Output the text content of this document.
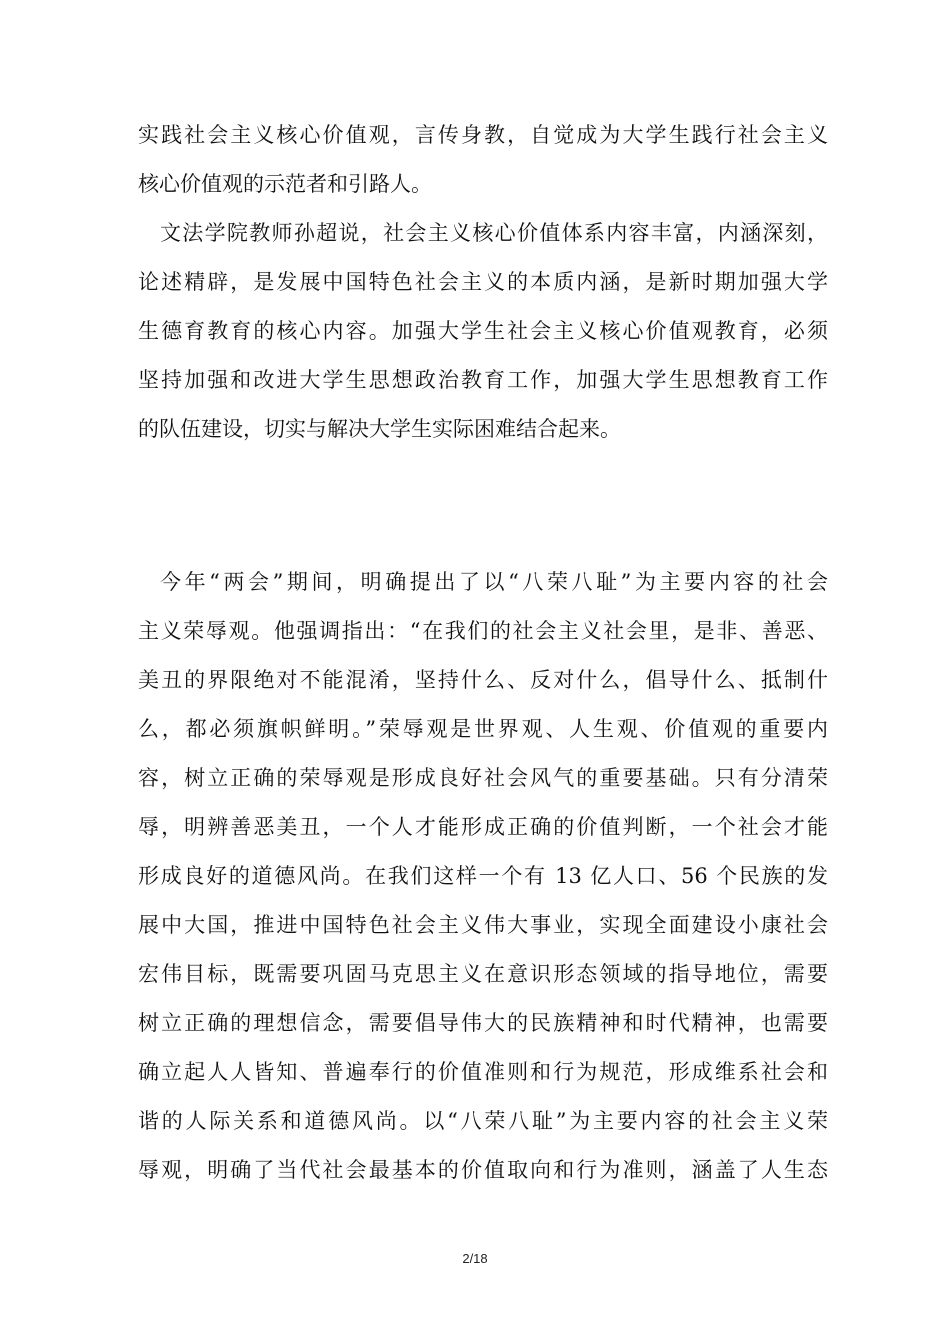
实践社会主义核心价值观，言传身教，自觉成为大学生践行社会主义
核心价值观的示范者和引路人。
文法学院教师孙超说，社会主义核心价值体系内容丰富，内涵深刻，
论述精辟，是发展中国特色社会主义的本质内涵，是新时期加强大学
生德育教育的核心内容。加强大学生社会主义核心价值观教育，必须
坚持加强和改进大学生思想政治教育工作，加强大学生思想教育工作
的队伍建设，切实与解决大学生实际困难结合起来。
今年“两会”期间，明确提出了以“八荣八耻”为主要内容的社会
主义荣辱观。他强调指出：“在我们的社会主义社会里，是非、善恶、
美丑的界限绝对不能混淆，坚持什么、反对什么，倡导什么、抵制什
么，都必须旗帜鲜明。”荣辱观是世界观、人生观、价值观的重要内
容，树立正确的荣辱观是形成良好社会风气的重要基础。只有分清荣
辱，明辨善恶美丑，一个人才能形成正确的价值判断，一个社会才能
形成良好的道德风尚。在我们这样一个有 13 亿人口、56 个民族的发
展中大国，推进中国特色社会主义伟大事业，实现全面建设小康社会
宏伟目标，既需要巩固马克思主义在意识形态领域的指导地位，需要
树立正确的理想信念，需要倡导伟大的民族精神和时代精神，也需要
确立起人人皆知、普遍奉行的价值准则和行为规范，形成维系社会和
谐的人际关系和道德风尚。以“八荣八耻”为主要内容的社会主义荣
辱观，明确了当代社会最基本的价值取向和行为准则，涵盖了人生态
2/18
